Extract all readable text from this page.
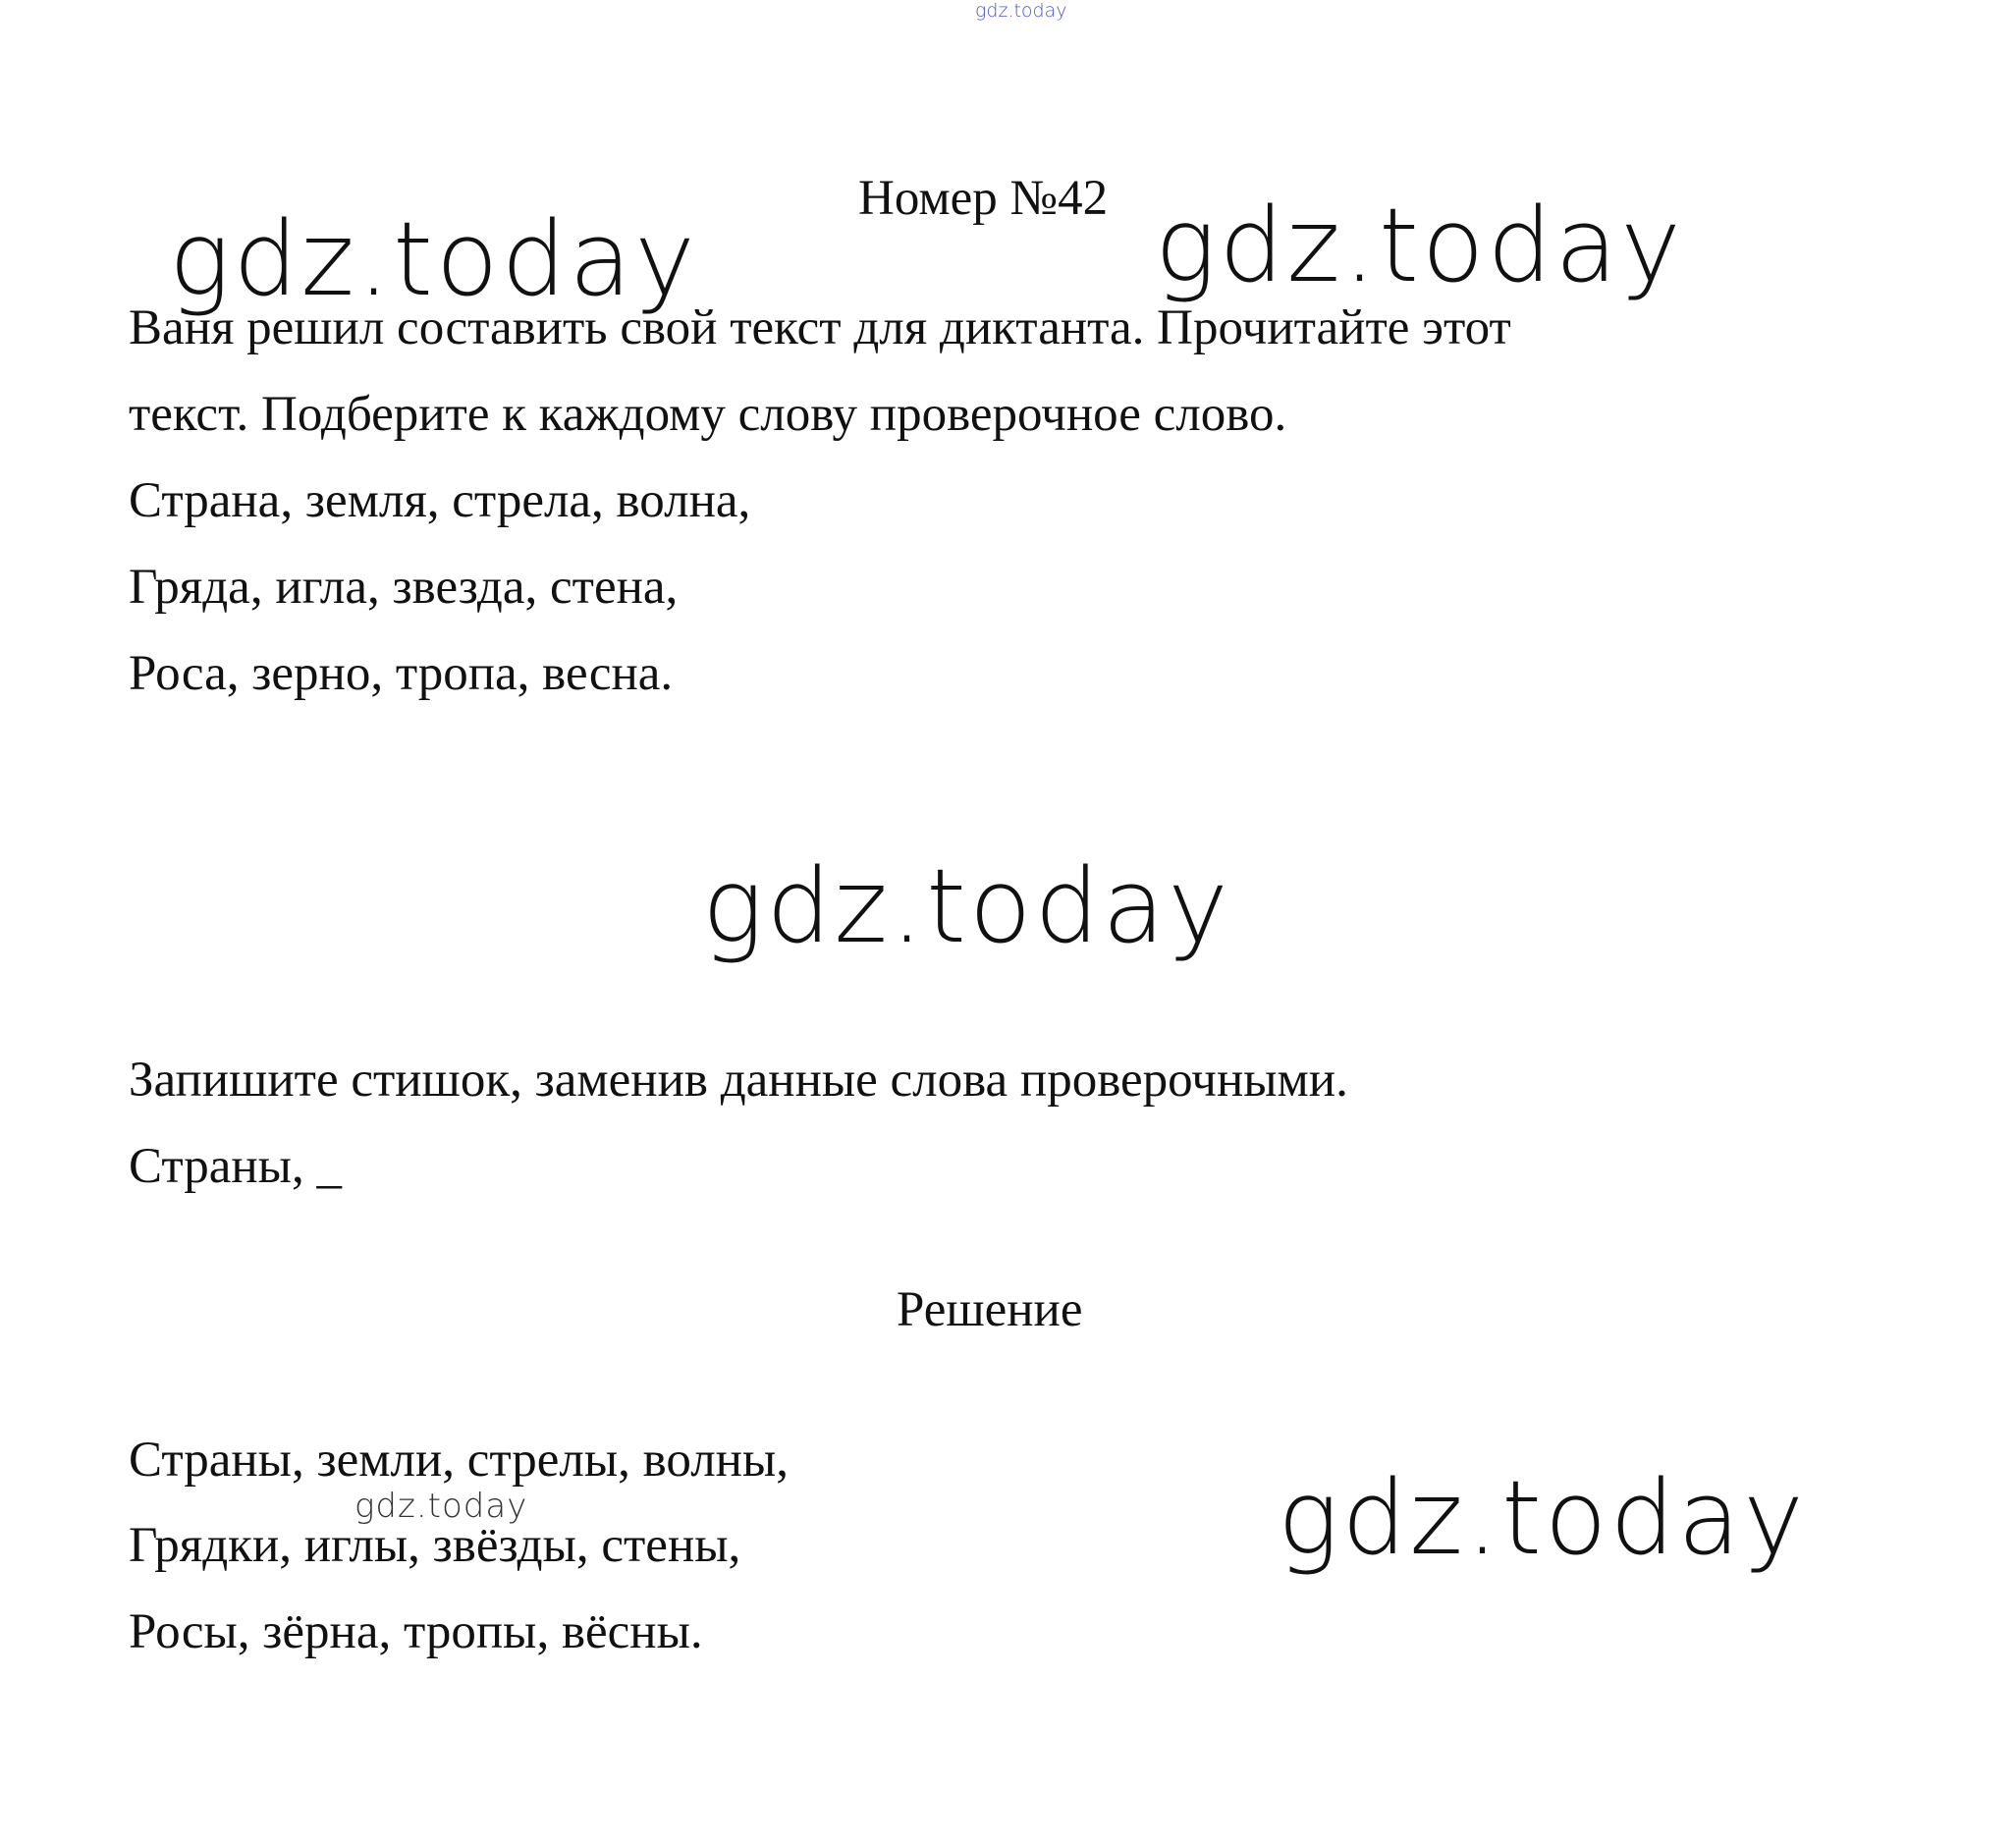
gdz.today
Номер №42
gdz.today	gdz.today
Ваня решил составить свой текст для диктанта. Прочитайте этот
текст. Подберите к каждому слову проверочное слово.
Страна, земля, стрела, волна,
Гряда, игла, звезда, стена,
Роса, зерно, тропа, весна.
gdz.today
Запишите стишок, заменив данные слова проверочными.
Страны, _
Решение
Страны, земли, стрелы, волны,
gdz.today
Грядки, иглы, звёзды, стены,
Росы, зёрна, тропы, вёсны.
gdz.today
